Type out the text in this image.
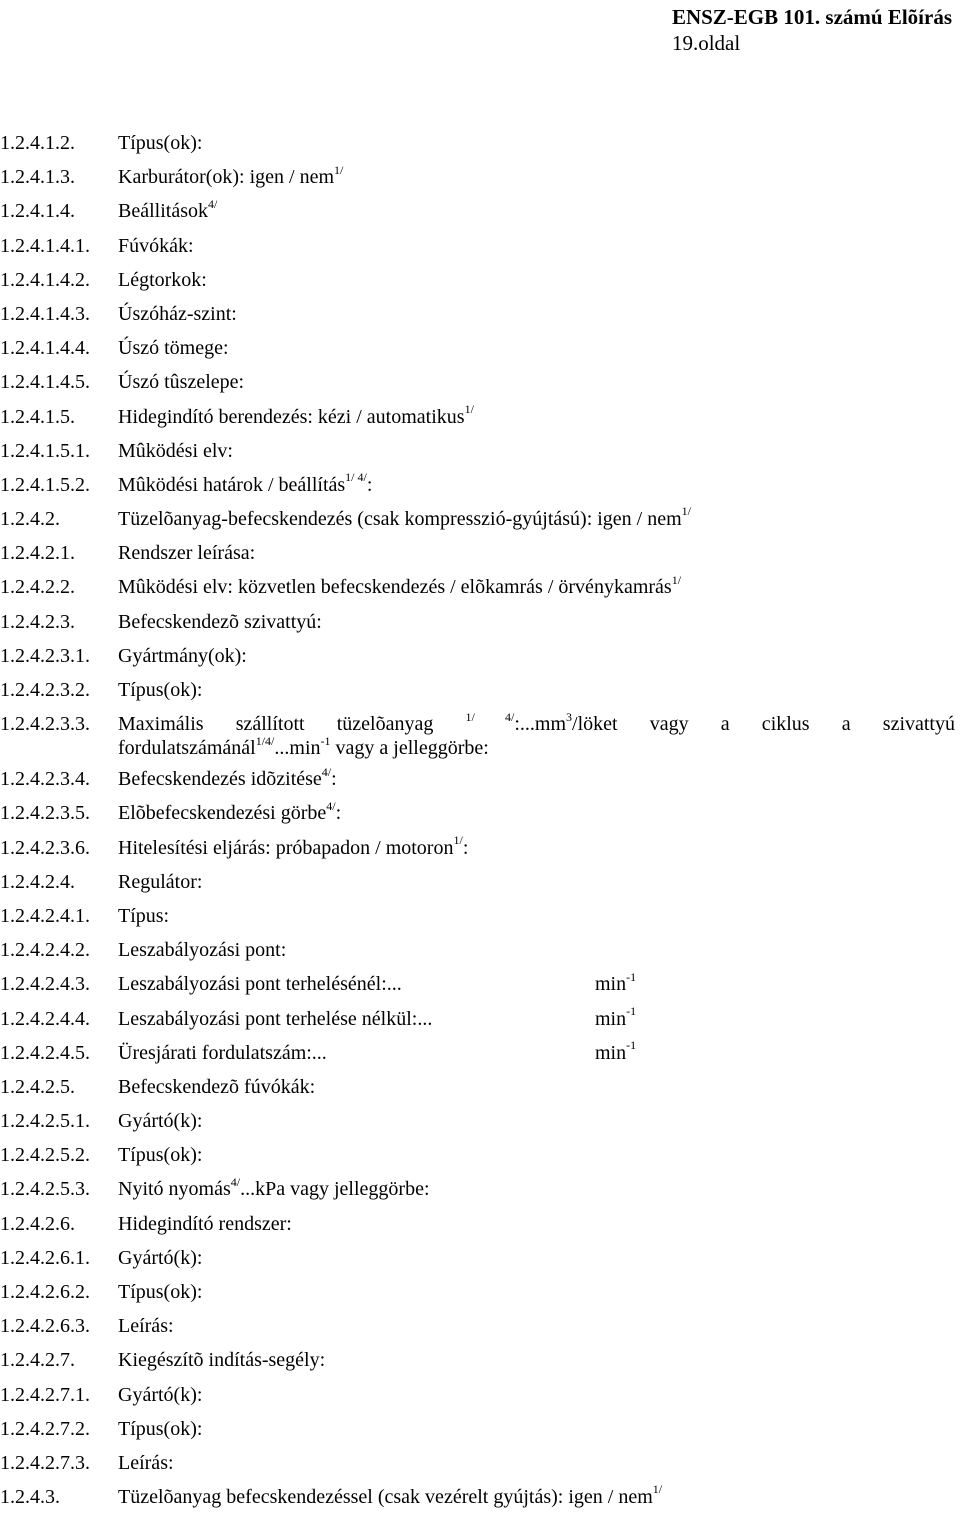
ENSZ-EGB 101. számú Elõírás
19.oldal
1.2.4.1.2.	Típus(ok):
1.2.4.1.3.	Karburátor(ok): igen / nem$^{1/}$
1.2.4.1.4.	Beállitások$^{4/}$
1.2.4.1.4.1.	Fúvókák:
1.2.4.1.4.2.	Légtorkok:
1.2.4.1.4.3.	Úszóház-szint:
1.2.4.1.4.4.	Úszó tömege:
1.2.4.1.4.5.	Úszó tûszelepe:
1.2.4.1.5.	Hidegindító berendezés: kézi / automatikus$^{1/}$
1.2.4.1.5.1.	Mûködési elv:
1.2.4.1.5.2.	Mûködési határok / beállítás$^{1/ 4/}$:
1.2.4.2.	Tüzelõanyag-befecskendezés (csak kompresszió-gyújtású): igen / nem$^{1/}$
1.2.4.2.1.	Rendszer leírása:
1.2.4.2.2.	Mûködési elv: közvetlen befecskendezés / elõkamrás / örvénykamrás$^{1/}$
1.2.4.2.3.	Befecskendezõ szivattyú:
1.2.4.2.3.1.	Gyártmány(ok):
1.2.4.2.3.2.	Típus(ok):
1.2.4.2.3.3.	Maximális szállított tüzelõanyag $^{1/ 4/}:...mm^3$/löket vagy a ciklus a szivattyú
$fordulatszámánál^{1/4/}...\min^{-1}$ vagy a jelleggörbe:
1.2.4.2.3.4.	Befecskendezés idõzitése$^{4/}$:
1.2.4.2.3.5.	Elõbefecskendezési görbe$^{4/}$:
1.2.4.2.3.6.	Hitelesítési eljárás: próbapadon / motoron$^{1/}$:
1.2.4.2.4.	Regulátor:
1.2.4.2.4.1.	Típus:
1.2.4.2.4.2.	Leszabályozási pont:
1.2.4.2.4.3.	Leszabályozási pont terhelésénél:...	$\min^{-1}$
1.2.4.2.4.4.	Leszabályozási pont terhelése nélkül:...	$\min^{-1}$
1.2.4.2.4.5.	Üresjárati fordulatszám:...	$\min^{-1}$
1.2.4.2.5.	Befecskendezõ fúvókák:
1.2.4.2.5.1.	Gyártó(k):
1.2.4.2.5.2.	Típus(ok):
1.2.4.2.5.3.	Nyitó nyomás$^{4/}$...kPa vagy jelleggörbe:
1.2.4.2.6.	Hidegindító rendszer:
1.2.4.2.6.1.	Gyártó(k):
1.2.4.2.6.2.	Típus(ok):
1.2.4.2.6.3.	Leírás:
1.2.4.2.7.	Kiegészítõ indítás-segély:
1.2.4.2.7.1.	Gyártó(k):
1.2.4.2.7.2.	Típus(ok):
1.2.4.2.7.3.	Leírás:
1.2.4.3.	Tüzelõanyag befecskendezéssel (csak vezérelt gyújtás): igen / nem$^{1/}$
